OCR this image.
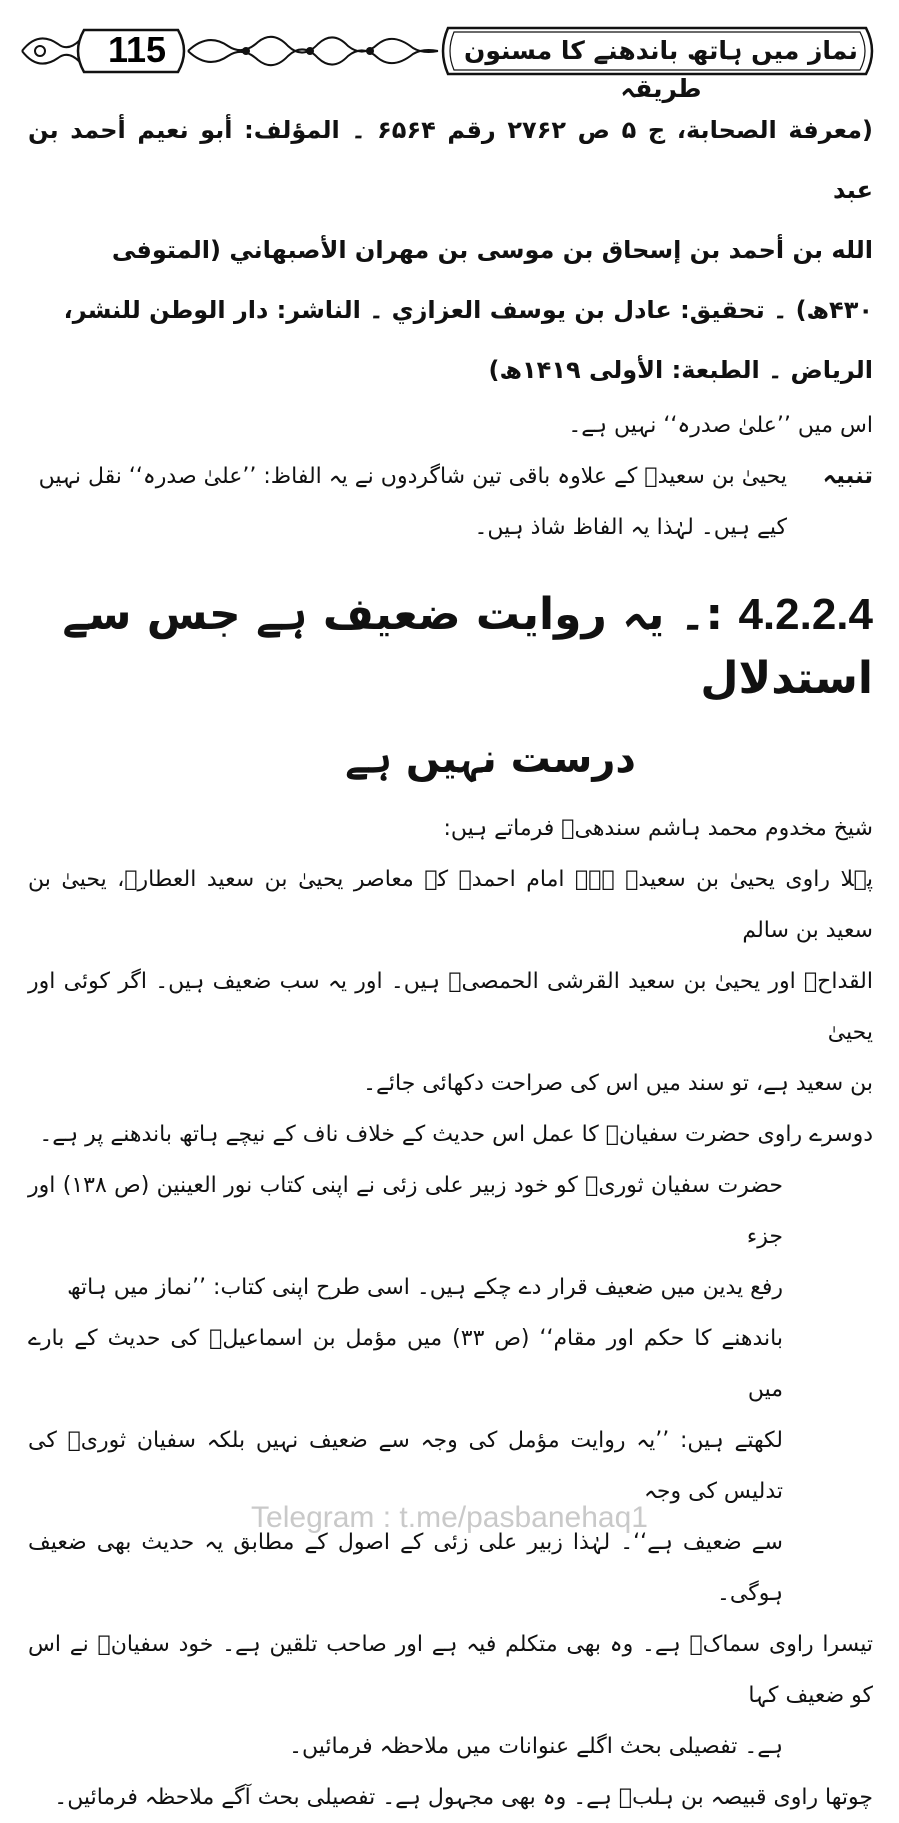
115	نماز میں ہاتھ باندھنے کا مسنون طریقہ

(معرفة الصحابة، ج ۵ ص ۲۷۶۲ رقم ۶۵۶۴ ۔ المؤلف: أبو نعيم أحمد بن عبد

الله بن أحمد بن إسحاق بن موسى بن مهران الأصبهاني (المتوفى

۴۳۰ھ) ۔ تحقیق: عادل بن يوسف العزازي ۔ الناشر: دار الوطن للنشر،

الرياض ۔ الطبعة: الأولى ۱۴۱۹ھ)

اس میں ’’علیٰ صدرہ‘‘ نہیں ہے۔

تنبیہ

یحییٰ بن سعیدؒ کے علاوہ باقی تین شاگردوں نے یہ الفاظ: ’’علیٰ صدرہ‘‘ نقل نہیں

کیے ہیں۔ لہٰذا یہ الفاظ شاذ ہیں۔

4.2.2.4 :۔ یہ روایت ضعیف ہے جس سے استدلال
درست نہیں ہے

شیخ مخدوم محمد ہاشم سندھیؒ فرماتے ہیں:

پہلا راوی یحییٰ بن سعیدؒ ہے۔ امام احمدؒ کے معاصر یحییٰ بن سعید العطارؒ، یحییٰ بن سعید بن سالم

القداحؒ اور یحییٰ بن سعید القرشی الحمصیؒ ہیں۔ اور یہ سب ضعیف ہیں۔ اگر کوئی اور یحییٰ

بن سعید ہے، تو سند میں اس کی صراحت دکھائی جائے۔

دوسرے راوی حضرت سفیانؒ کا عمل اس حدیث کے خلاف ناف کے نیچے ہاتھ باندھنے پر ہے۔

حضرت سفیان ثوریؒ کو خود زبیر علی زئی نے اپنی کتاب نور العینین (ص ۱۳۸) اور جزء

رفع یدین میں ضعیف قرار دے چکے ہیں۔ اسی طرح اپنی کتاب: ’’نماز میں ہاتھ

باندھنے کا حکم اور مقام‘‘ (ص ۳۳) میں مؤمل بن اسماعیلؒ کی حدیث کے بارے میں

لکھتے ہیں: ’’یہ روایت مؤمل کی وجہ سے ضعیف نہیں بلکہ سفیان ثوریؒ کی تدلیس کی وجہ

سے ضعیف ہے‘‘۔ لہٰذا زبیر علی زئی کے اصول کے مطابق یہ حدیث بھی ضعیف ہوگی۔

تیسرا راوی سماکؒ ہے۔ وہ بھی متکلم فیہ ہے اور صاحب تلقین ہے۔ خود سفیانؒ نے اس کو ضعیف کہا

ہے۔ تفصیلی بحث اگلے عنوانات میں ملاحظہ فرمائیں۔

چوتھا راوی قبیصہ بن ہلبؒ ہے۔ وہ بھی مجہول ہے۔ تفصیلی بحث آگے ملاحظہ فرمائیں۔

Telegram : t.me/pasbanehaq1
